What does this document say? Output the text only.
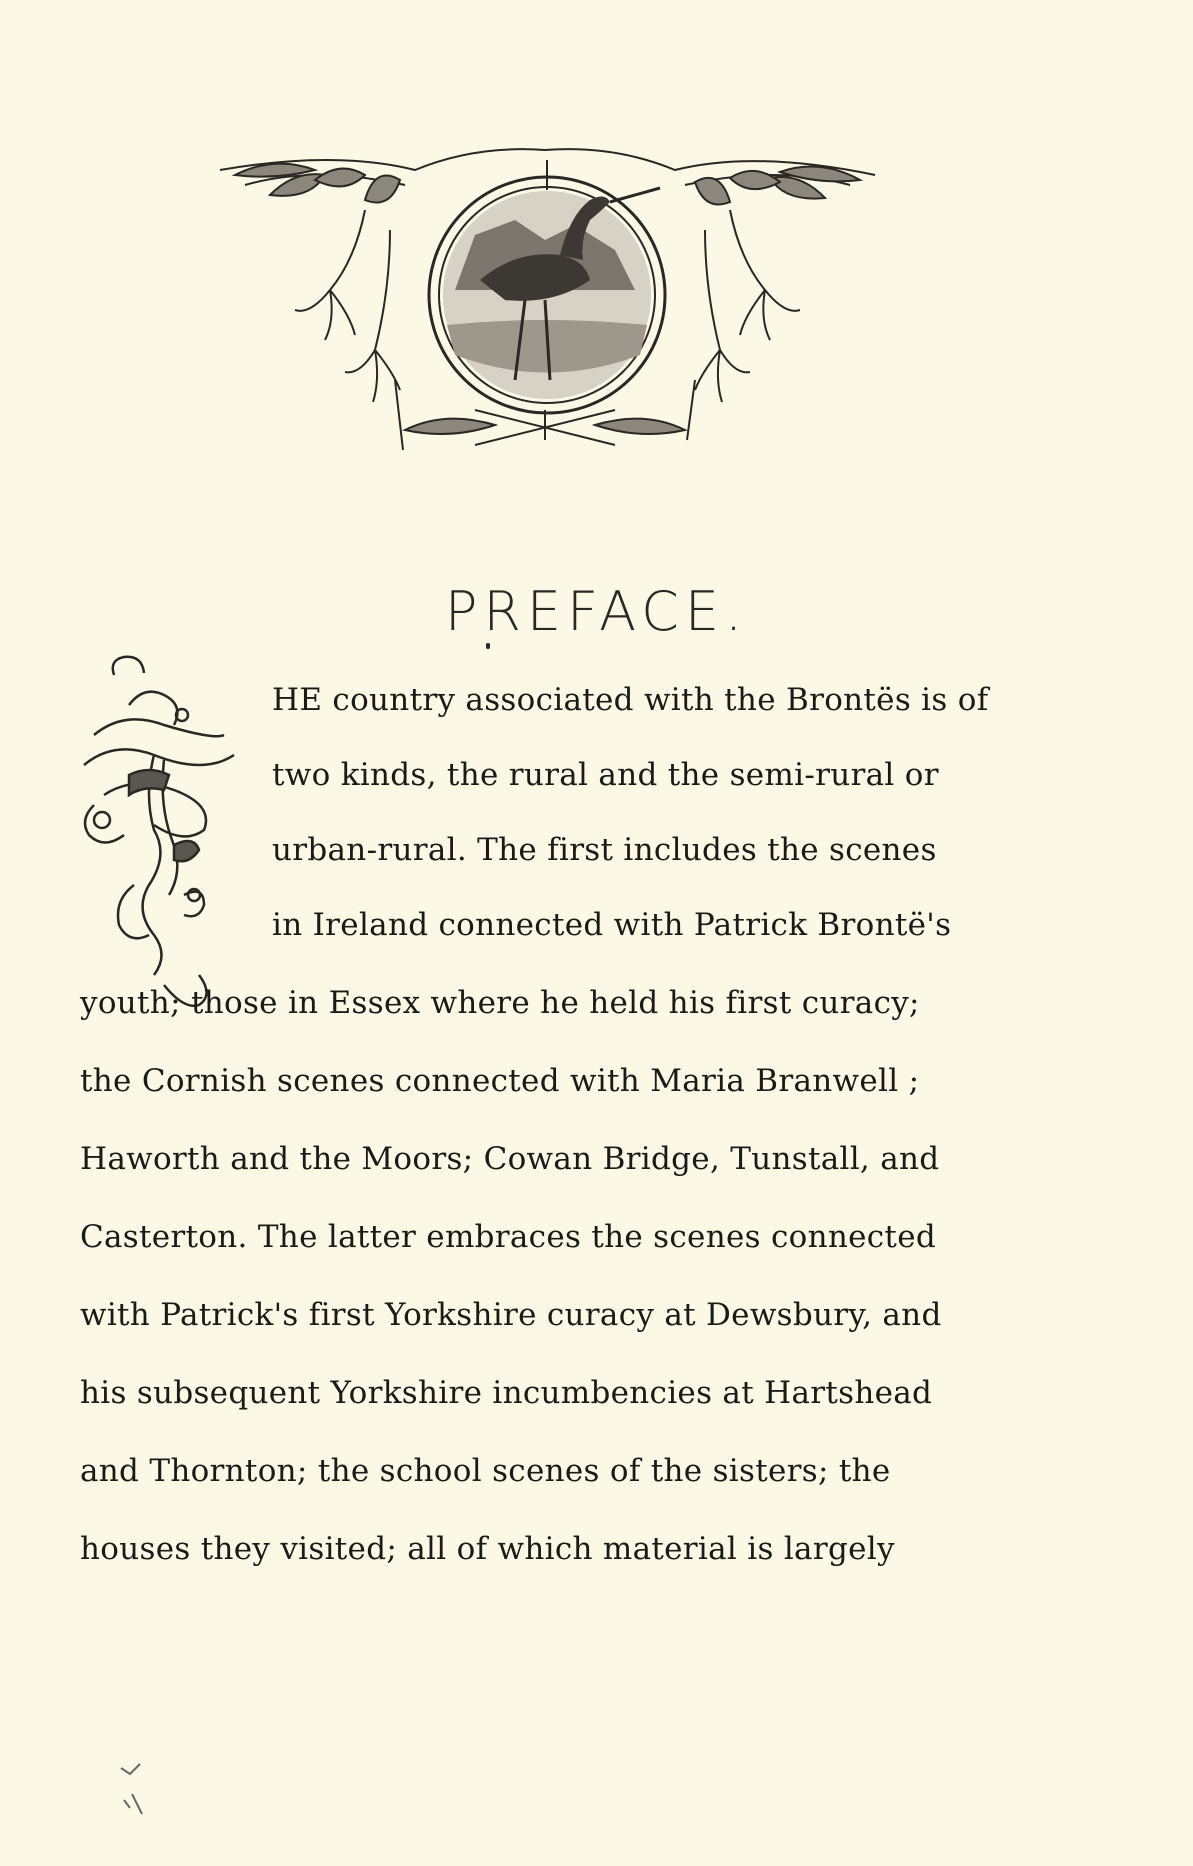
PREFACE.
HE country associated with the Brontës is of
two kinds, the rural and the semi-rural or
urban-rural. The first includes the scenes
in Ireland connected with Patrick Brontë's
youth; those in Essex where he held his first curacy;
the Cornish scenes connected with Maria Branwell ;
Haworth and the Moors; Cowan Bridge, Tunstall, and
Casterton. The latter embraces the scenes connected
with Patrick's first Yorkshire curacy at Dewsbury, and
his subsequent Yorkshire incumbencies at Hartshead
and Thornton; the school scenes of the sisters; the
houses they visited; all of which material is largely
